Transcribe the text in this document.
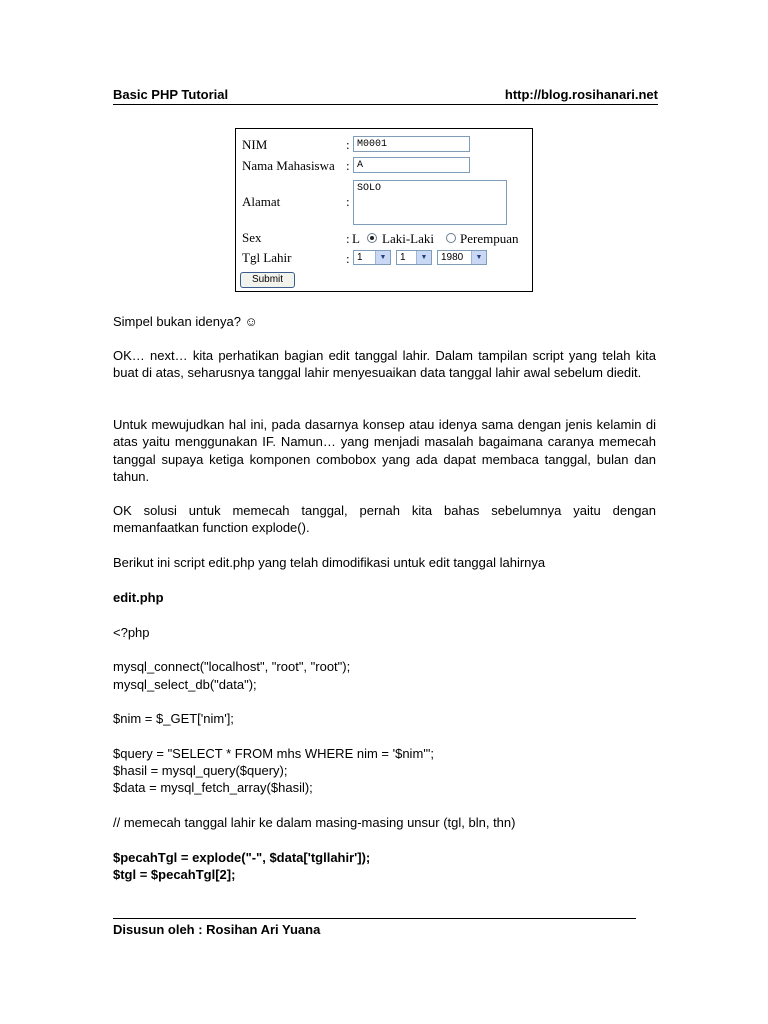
Basic PHP Tutorial	http://blog.rosihanari.net
NIM	: M0001
Nama Mahasiswa : A
Alamat	:
SOLO
Sex	: L Laki-Laki Perempuan
Tgl Lahir	: 1	▼	1	▼	1980	▼
Submit
Simpel bukan idenya? ☺
OK… next… kita perhatikan bagian edit tanggal lahir. Dalam tampilan script yang telah kita buat di atas, seharusnya tanggal lahir menyesuaikan data tanggal lahir awal sebelum diedit.
Untuk mewujudkan hal ini, pada dasarnya konsep atau idenya sama dengan jenis kelamin di atas yaitu menggunakan IF. Namun… yang menjadi masalah bagaimana caranya memecah tanggal supaya ketiga komponen combobox yang ada dapat membaca tanggal, bulan dan tahun.
OK solusi untuk memecah tanggal, pernah kita bahas sebelumnya yaitu dengan memanfaatkan function explode().
Berikut ini script edit.php yang telah dimodifikasi untuk edit tanggal lahirnya
edit.php
<?php
mysql_connect("localhost", "root", "root");
mysql_select_db("data");
$nim = $_GET['nim'];
$query = "SELECT * FROM mhs WHERE nim = '$nim'";
$hasil = mysql_query($query);
$data = mysql_fetch_array($hasil);
// memecah tanggal lahir ke dalam masing-masing unsur (tgl, bln, thn)
$pecahTgl = explode("-", $data['tgllahir']);
$tgl = $pecahTgl[2];
Disusun oleh : Rosihan Ari Yuana
